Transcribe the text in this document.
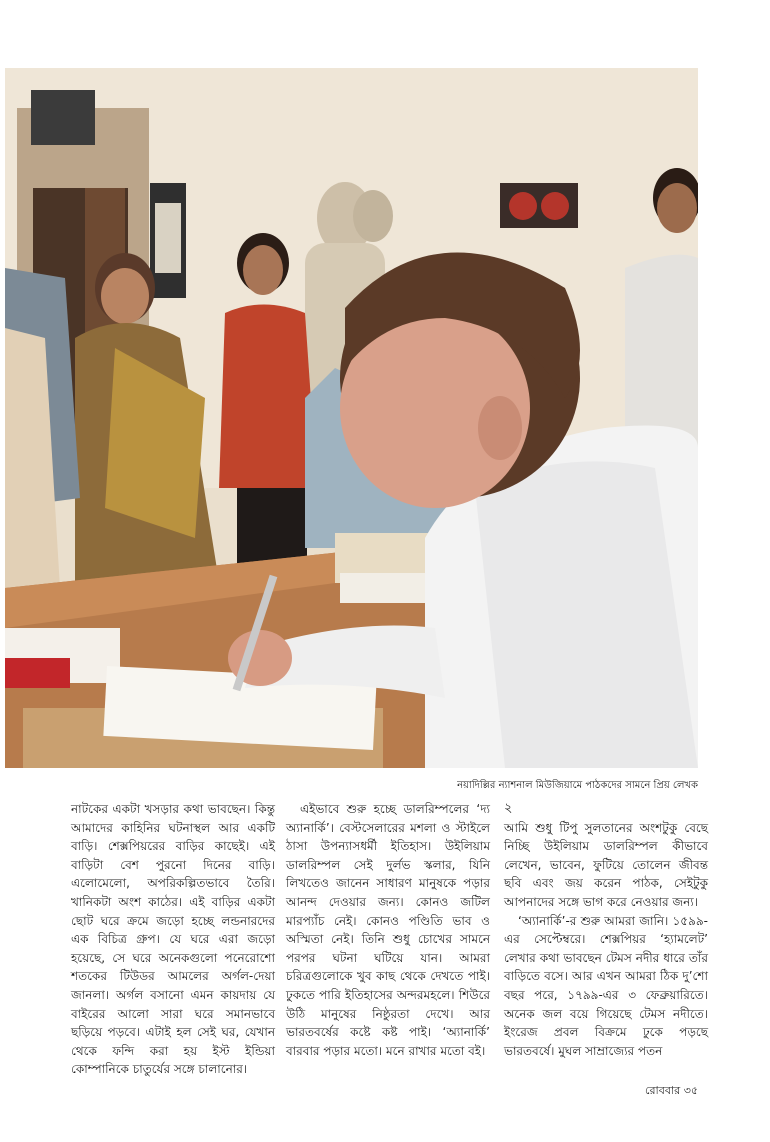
নয়াদিল্লির ন্যাশনাল মিউজিয়ামে পাঠকদের সামনে প্রিয় লেখক

নাটকের একটা খসড়ার কথা ভাবছেন। কিন্তু আমাদের কাহিনির ঘটনাস্থল আর একটি বাড়ি। শেক্সপিয়রের বাড়ির কাছেই। এই বাড়িটা বেশ পুরনো দিনের বাড়ি। এলোমেলো, অপরিকল্পিতভাবে তৈরি। খানিকটা অংশ কাঠের। এই বাড়ির একটা ছোট ঘরে ক্রমে জড়ো হচ্ছে লন্ডনারদের এক বিচিত্র গ্রুপ। যে ঘরে এরা জড়ো হয়েছে, সে ঘরে অনেকগুলো পনেরোশো শতকের টিউডর আমলের অর্গল-দেয়া জানলা। অর্গল বসানো এমন কায়দায় যে বাইরের আলো সারা ঘরে সমানভাবে ছড়িয়ে পড়বে। এটাই হল সেই ঘর, যেখান থেকে ফন্দি করা হয় ইস্ট ইন্ডিয়া কোম্পানিকে চাতুর্যের সঙ্গে চালানোর।

এইভাবে শুরু হচ্ছে ডালরিম্পলের ‘দ্য অ্যানার্কি’। বেস্টসেলারের মশলা ও স্টাইলে ঠাসা উপন্যাসধর্মী ইতিহাস। উইলিয়াম ডালরিম্পল সেই দুর্লভ স্কলার, যিনি লিখতেও জানেন সাধারণ মানুষকে পড়ার আনন্দ দেওয়ার জন্য। কোনও জটিল মারপ্যাঁচ নেই। কোনও পণ্ডিতি ভাব ও অস্মিতা নেই। তিনি শুধু চোখের সামনে পরপর ঘটনা ঘটিয়ে যান। আমরা চরিত্রগুলোকে খুব কাছ থেকে দেখতে পাই। ঢুকতে পারি ইতিহাসের অন্দরমহলে। শিউরে উঠি মানুষের নিষ্ঠুরতা দেখে। আর ভারতবর্ষের কষ্টে কষ্ট পাই। ‘অ্যানার্কি’ বারবার পড়ার মতো। মনে রাখার মতো বই।

২

আমি শুধু টিপু সুলতানের অংশটুকু বেছে নিচ্ছি উইলিয়াম ডালরিম্পল কীভাবে লেখেন, ভাবেন, ফুটিয়ে তোলেন জীবন্ত ছবি এবং জয় করেন পাঠক, সেইটুকু আপনাদের সঙ্গে ভাগ করে নেওয়ার জন্য।

‘অ্যানার্কি’-র শুরু আমরা জানি। ১৫৯৯-এর সেপ্টেম্বরে। শেক্সপিয়র ‘হ্যামলেট’ লেখার কথা ভাবছেন টেমস নদীর ধারে তাঁর বাড়িতে বসে। আর এখন আমরা ঠিক দু’শো বছর পরে, ১৭৯৯-এর ৩ ফেব্রুয়ারিতে। অনেক জল বয়ে গিয়েছে টেমস নদীতে। ইংরেজ প্রবল বিক্রমে ঢুকে পড়ছে ভারতবর্ষে। মুঘল সাম্রাজ্যের পতন

রোববার ৩৫
